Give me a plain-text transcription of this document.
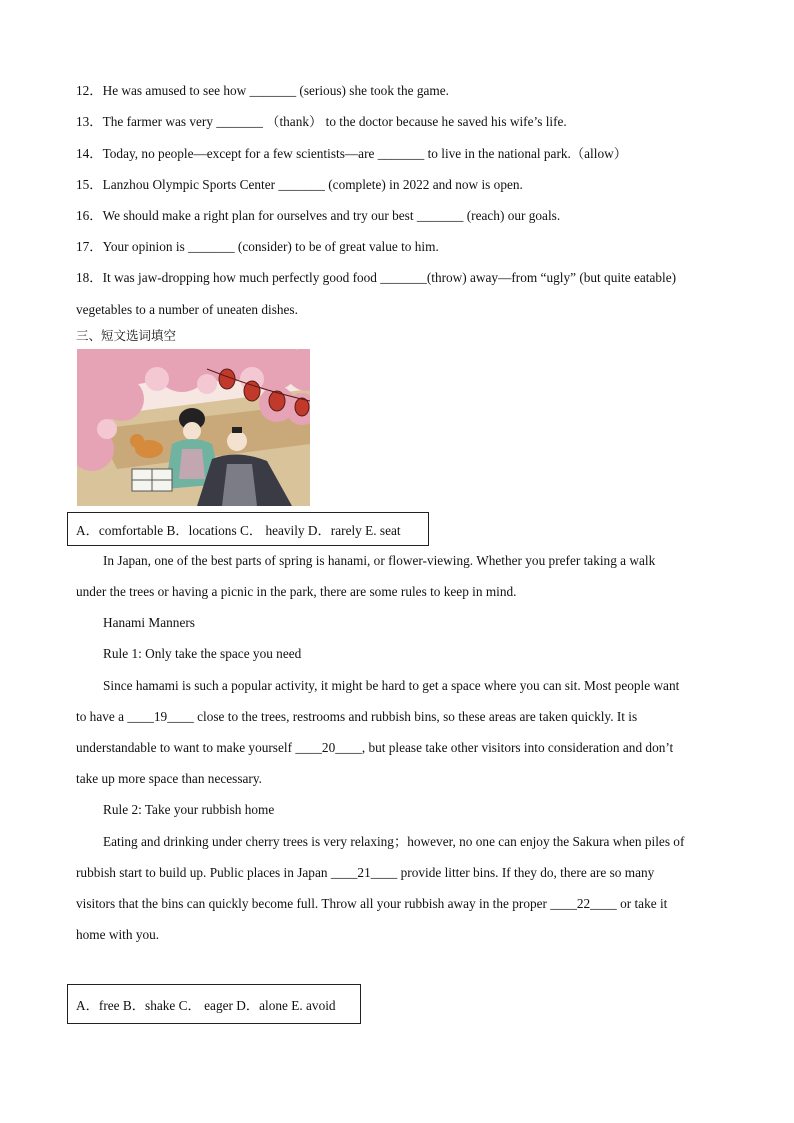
12．He was amused to see how _______ (serious) she took the game.
13．The farmer was very _______ （thank） to the doctor because he saved his wife’s life.
14．Today, no people—except for a few scientists—are _______ to live in the national park.（allow）
15．Lanzhou Olympic Sports Center _______ (complete) in 2022 and now is open.
16．We should make a right plan for ourselves and try our best _______ (reach) our goals.
17．Your opinion is _______ (consider) to be of great value to him.
18．It was jaw-dropping how much perfectly good food _______(throw) away—from “ugly” (but quite eatable)
vegetables to a number of uneaten dishes.
三、短文选词填空
A．comfortable B．locations C． heavily D．rarely E. seat
In Japan, one of the best parts of spring is hanami, or flower-viewing. Whether you prefer taking a walk
under the trees or having a picnic in the park, there are some rules to keep in mind.
Hanami Manners
Rule 1: Only take the space you need
Since hamami is such a popular activity, it might be hard to get a space where you can sit. Most people want
to have a ____19____ close to the trees, restrooms and rubbish bins, so these areas are taken quickly. It is
understandable to want to make yourself ____20____, but please take other visitors into consideration and don’t
take up more space than necessary.
Rule 2: Take your rubbish home
Eating and drinking under cherry trees is very relaxing；however, no one can enjoy the Sakura when piles of
rubbish start to build up. Public places in Japan ____21____ provide litter bins. If they do, there are so many
visitors that the bins can quickly become full. Throw all your rubbish away in the proper ____22____ or take it
home with you.
A．free B．shake C． eager D．alone E. avoid
